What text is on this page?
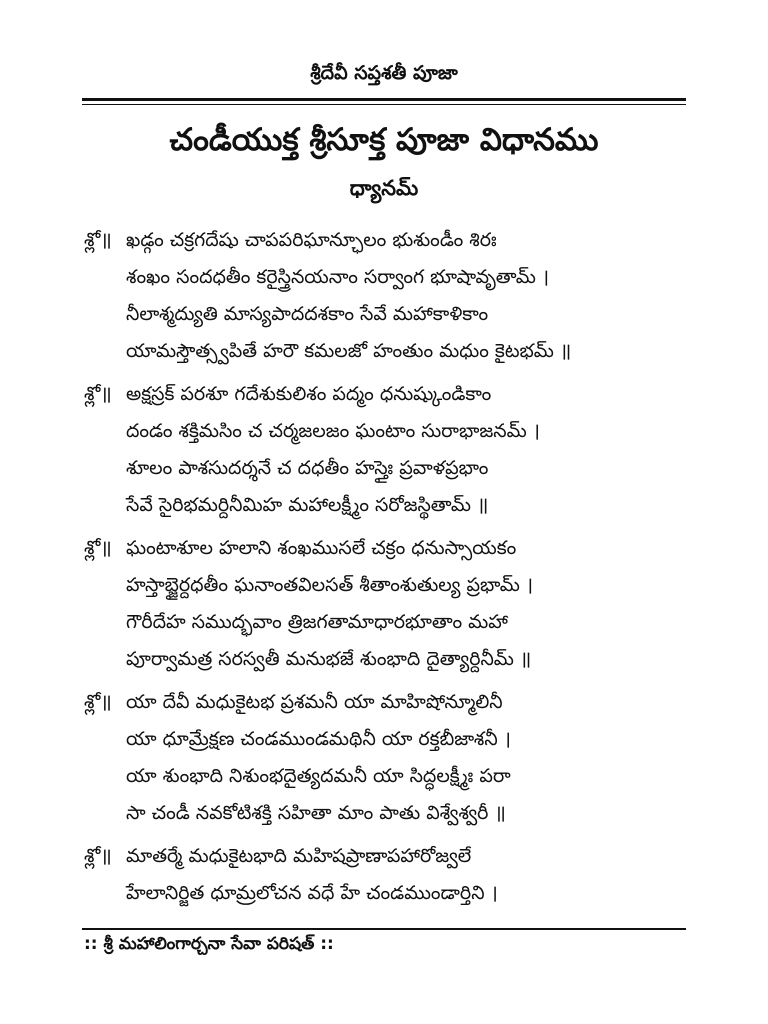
శ్రీదేవీ సప్తశతీ పూజా
చండీయుక్త శ్రీసూక్త పూజా విధానము
ధ్యానమ్
శ్లో॥ ఖడ్గం చక్రగదేషు చాపపరిఘాన్ఛూలం భుశుండీం శిరః
శంఖం సందధతీం కరైస్త్రినయనాం సర్వాంగ భూషావృతామ్ ।
నీలాశ్మద్యుతి మాస్యపాదదశకాం సేవే మహాకాళికాం
యామస్తౌత్స్వపితే హరౌ కమలజో హంతుం మధుం కైటభమ్ ॥
శ్లో॥ అక్షస్రక్ పరశూ గదేశుకులిశం పద్మం ధనుష్కుండికాం
దండం శక్తిమసిం చ చర్మజలజం ఘంటాం సురాభాజనమ్ ।
శూలం పాశసుదర్శనే చ దధతీం హస్తైః ప్రవాళప్రభాం
సేవే సైరిభమర్దినీమిహ మహాలక్ష్మీం సరోజస్థితామ్ ॥
శ్లో॥ ఘంటాశూల హలాని శంఖముసలే చక్రం ధనుస్సాయకం
హస్తాబ్జైర్దధతీం ఘనాంతవిలసత్ శీతాంశుతుల్య ప్రభామ్ ।
గౌరీదేహ సముద్భవాం త్రిజగతామాధారభూతాం మహా
పూర్వామత్ర సరస్వతీ మనుభజే శుంభాది దైత్యార్దినీమ్ ॥
శ్లో॥ యా దేవీ మధుకైటభ ప్రశమనీ యా మాహిషోన్మూలినీ
యా ధూమ్రేక్షణ చండముండమథినీ యా రక్తబీజాశనీ ।
యా శుంభాది నిశుంభదైత్యదమనీ యా సిద్ధలక్ష్మీః పరా
సా చండీ నవకోటిశక్తి సహితా మాం పాతు విశ్వేశ్వరీ ॥
శ్లో॥ మాతర్మే మధుకైటభాది మహిషప్రాణాపహారోజ్వలే
హేలానిర్జిత ధూమ్రలోచన వధే హే చండముండార్తిని ।
:: శ్రీ మహాలింగార్చనా సేవా పరిషత్ ::
